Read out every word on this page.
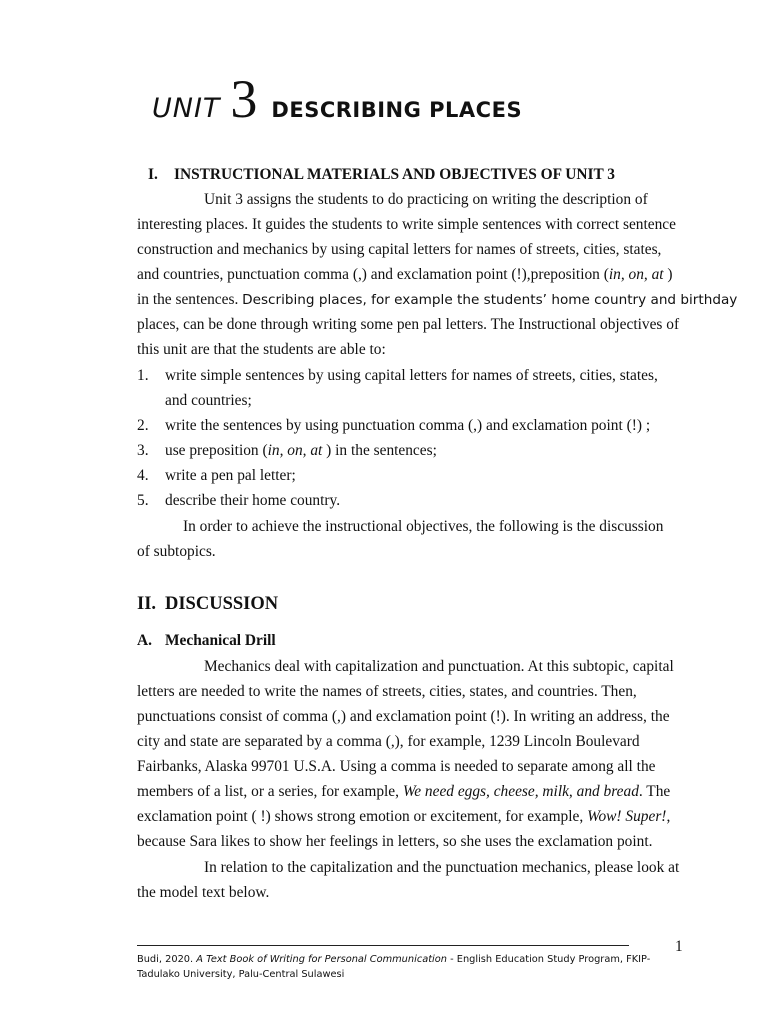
UNIT 3 DESCRIBING PLACES
I. INSTRUCTIONAL MATERIALS AND OBJECTIVES OF UNIT 3
Unit 3 assigns the students to do practicing on writing the description of
interesting places. It guides the students to write simple sentences with correct sentence
construction and mechanics by using capital letters for names of streets, cities, states,
and countries, punctuation comma (,) and exclamation point (!),preposition (in, on, at )
in the sentences. Describing places, for example the students’ home country and birthday
places, can be done through writing some pen pal letters. The Instructional objectives of
this unit are that the students are able to:
1. write simple sentences by using capital letters for names of streets, cities, states,
and countries;
2. write the sentences by using punctuation comma (,) and exclamation point (!) ;
3. use preposition (in, on, at ) in the sentences;
4. write a pen pal letter;
5. describe their home country.
In order to achieve the instructional objectives, the following is the discussion
of subtopics.
II. DISCUSSION
A. Mechanical Drill
Mechanics deal with capitalization and punctuation. At this subtopic, capital
letters are needed to write the names of streets, cities, states, and countries. Then,
punctuations consist of comma (,) and exclamation point (!). In writing an address, the
city and state are separated by a comma (,), for example, 1239 Lincoln Boulevard
Fairbanks, Alaska 99701 U.S.A. Using a comma is needed to separate among all the
members of a list, or a series, for example, We need eggs, cheese, milk, and bread. The
exclamation point ( !) shows strong emotion or excitement, for example, Wow! Super!,
because Sara likes to show her feelings in letters, so she uses the exclamation point.
In relation to the capitalization and the punctuation mechanics, please look at
the model text below.
1
Budi, 2020. A Text Book of Writing for Personal Communication - English Education Study Program, FKIP-
Tadulako University, Palu-Central Sulawesi
